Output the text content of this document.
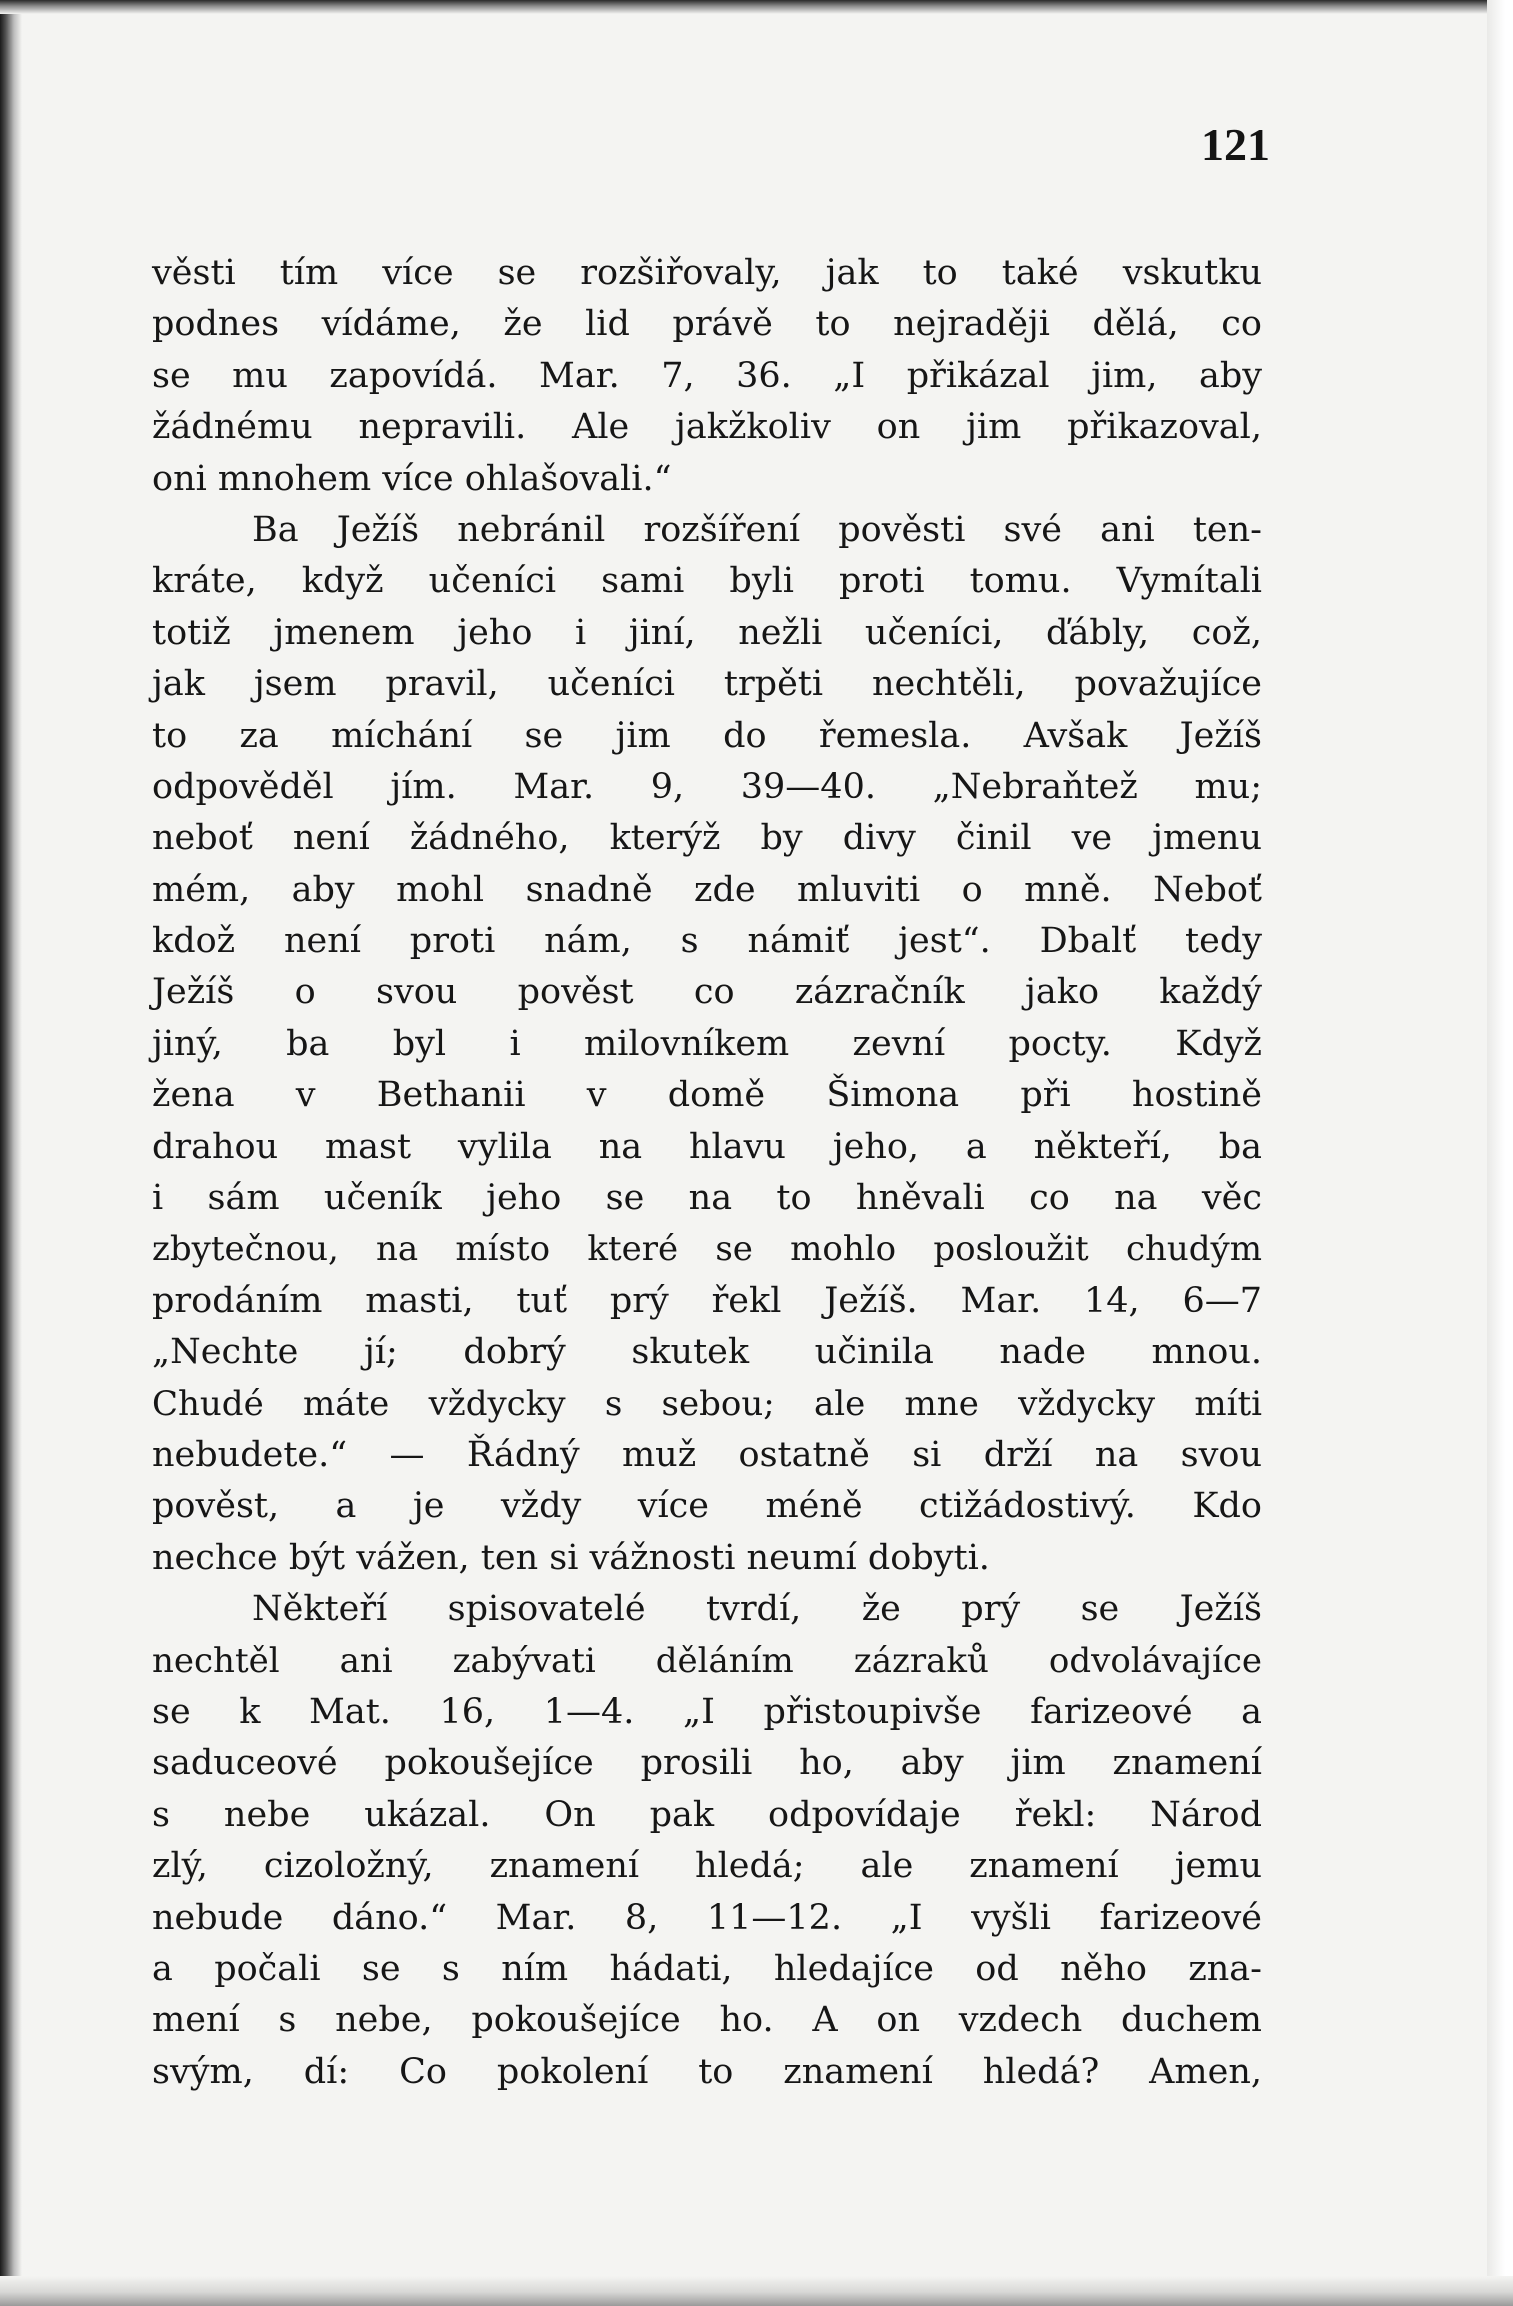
121
věsti tím více se rozšiřovaly, jak to také vskutku
podnes vídáme, že lid právě to nejraději dělá, co
se mu zapovídá. Mar. 7, 36. „I přikázal jim, aby
žádnému nepravili. Ale jakžkoliv on jim přikazoval,
oni mnohem více ohlašovali.“
Ba Ježíš nebránil rozšíření pověsti své ani ten-
kráte, když učeníci sami byli proti tomu. Vymítali
totiž jmenem jeho i jiní, nežli učeníci, ďábly, což,
jak jsem pravil, učeníci trpěti nechtěli, považujíce
to za míchání se jim do řemesla. Avšak Ježíš
odpověděl jím. Mar. 9, 39—40. „Nebraňtež mu;
neboť není žádného, kterýž by divy činil ve jmenu
mém, aby mohl snadně zde mluviti o mně. Neboť
kdož není proti nám, s námiť jest“. Dbalť tedy
Ježíš o svou pověst co zázračník jako každý
jiný, ba byl i milovníkem zevní pocty. Když
žena v Bethanii v domě Šimona při hostině
drahou mast vylila na hlavu jeho, a někteří, ba
i sám učeník jeho se na to hněvali co na věc
zbytečnou, na místo které se mohlo posloužit chudým
prodáním masti, tuť prý řekl Ježíš. Mar. 14, 6—7
„Nechte jí; dobrý skutek učinila nade mnou.
Chudé máte vždycky s sebou; ale mne vždycky míti
nebudete.“ — Řádný muž ostatně si drží na svou
pověst, a je vždy více méně ctižádostivý. Kdo
nechce být vážen, ten si vážnosti neumí dobyti.
Někteří spisovatelé tvrdí, že prý se Ježíš
nechtěl ani zabývati děláním zázraků odvolávajíce
se k Mat. 16, 1—4. „I přistoupivše farizeové a
saduceové pokoušejíce prosili ho, aby jim znamení
s nebe ukázal. On pak odpovídaje řekl: Národ
zlý, cizoložný, znamení hledá; ale znamení jemu
nebude dáno.“ Mar. 8, 11—12. „I vyšli farizeové
a počali se s ním hádati, hledajíce od něho zna-
mení s nebe, pokoušejíce ho. A on vzdech duchem
svým, dí: Co pokolení to znamení hledá? Amen,
